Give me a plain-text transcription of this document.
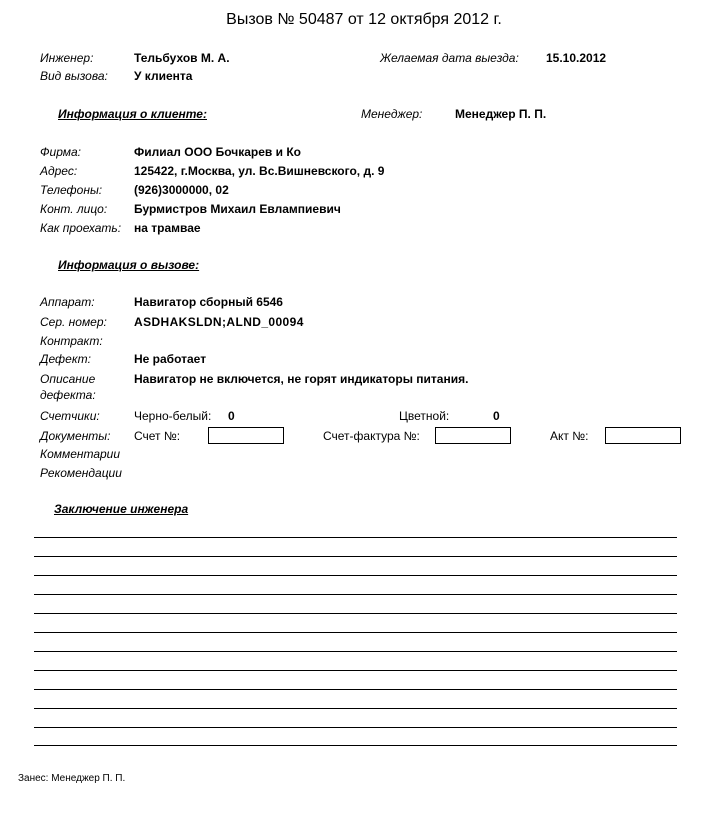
Вызов № 50487 от 12 октября 2012 г.
Инженер:	Тельбухов М. А.	Желаемая дата выезда: 15.10.2012
Вид вызова: У клиента
Информация о клиенте:	Менеджер:	Менеджер П. П.
Фирма:	Филиал ООО Бочкарев и Ко
Адрес:	125422, г.Москва, ул. Вс.Вишневского, д. 9
Телефоны:	(926)3000000, 02
Конт. лицо: Бурмистров Михаил Евлампиевич
Как проехать: на трамвае
Информация о вызове:
Аппарат:	Навигатор сборный 6546
Сер. номер: ASDHAKSLDN;ALND_00094
Контракт:
Дефект:	Не работает
Описание
дефекта:
Навигатор не включется, не горят индикаторы питания.
Счетчики:	Черно-белый: 0	Цветной:	0
Документы: Счет №:	Счет-фактура №:	Акт №:
Комментарии
Рекомендации
Заключение инженера
Занес: Менеджер П. П.
